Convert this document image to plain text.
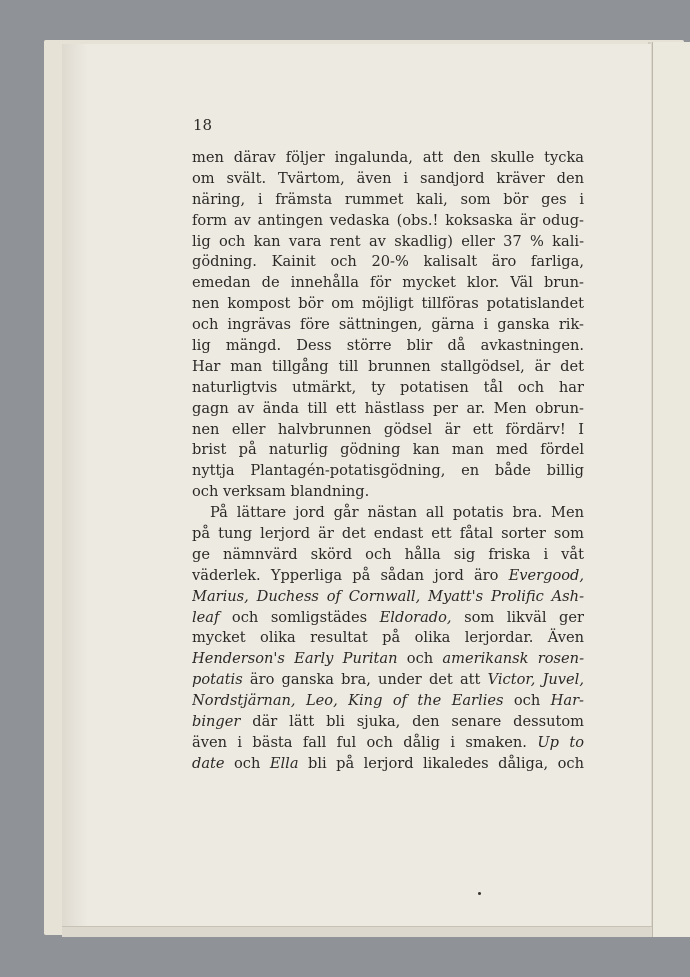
18
men därav följer ingalunda, att den skulle tycka
om svält. Tvärtom, även i sandjord kräver den
näring, i främsta rummet kali, som bör ges i
form av antingen vedaska (obs.! koksaska är odug-
lig och kan vara rent av skadlig) eller 37 % kali-
gödning. Kainit och 20-% kalisalt äro farliga,
emedan de innehålla för mycket klor. Väl brun-
nen kompost bör om möjligt tillföras potatislandet
och ingrävas före sättningen, gärna i ganska rik-
lig mängd. Dess större blir då avkastningen.
Har man tillgång till brunnen stallgödsel, är det
naturligtvis utmärkt, ty potatisen tål och har
gagn av ända till ett hästlass per ar. Men obrun-
nen eller halvbrunnen gödsel är ett fördärv! I
brist på naturlig gödning kan man med fördel
nyttja Plantagén-potatisgödning, en både billig
och verksam blandning.
På lättare jord går nästan all potatis bra. Men
på tung lerjord är det endast ett fåtal sorter som
ge nämnvärd skörd och hålla sig friska i våt
väderlek. Ypperliga på sådan jord äro Evergood,
Marius, Duchess of Cornwall, Myatt's Prolific Ash-
leaf och somligstädes Eldorado, som likväl ger
mycket olika resultat på olika lerjordar. Även
Henderson's Early Puritan och amerikansk rosen-
potatis äro ganska bra, under det att Victor, Juvel,
Nordstjärnan, Leo, King of the Earlies och Har-
binger där lätt bli sjuka, den senare dessutom
även i bästa fall ful och dålig i smaken. Up to
date och Ella bli på lerjord likaledes dåliga, och
